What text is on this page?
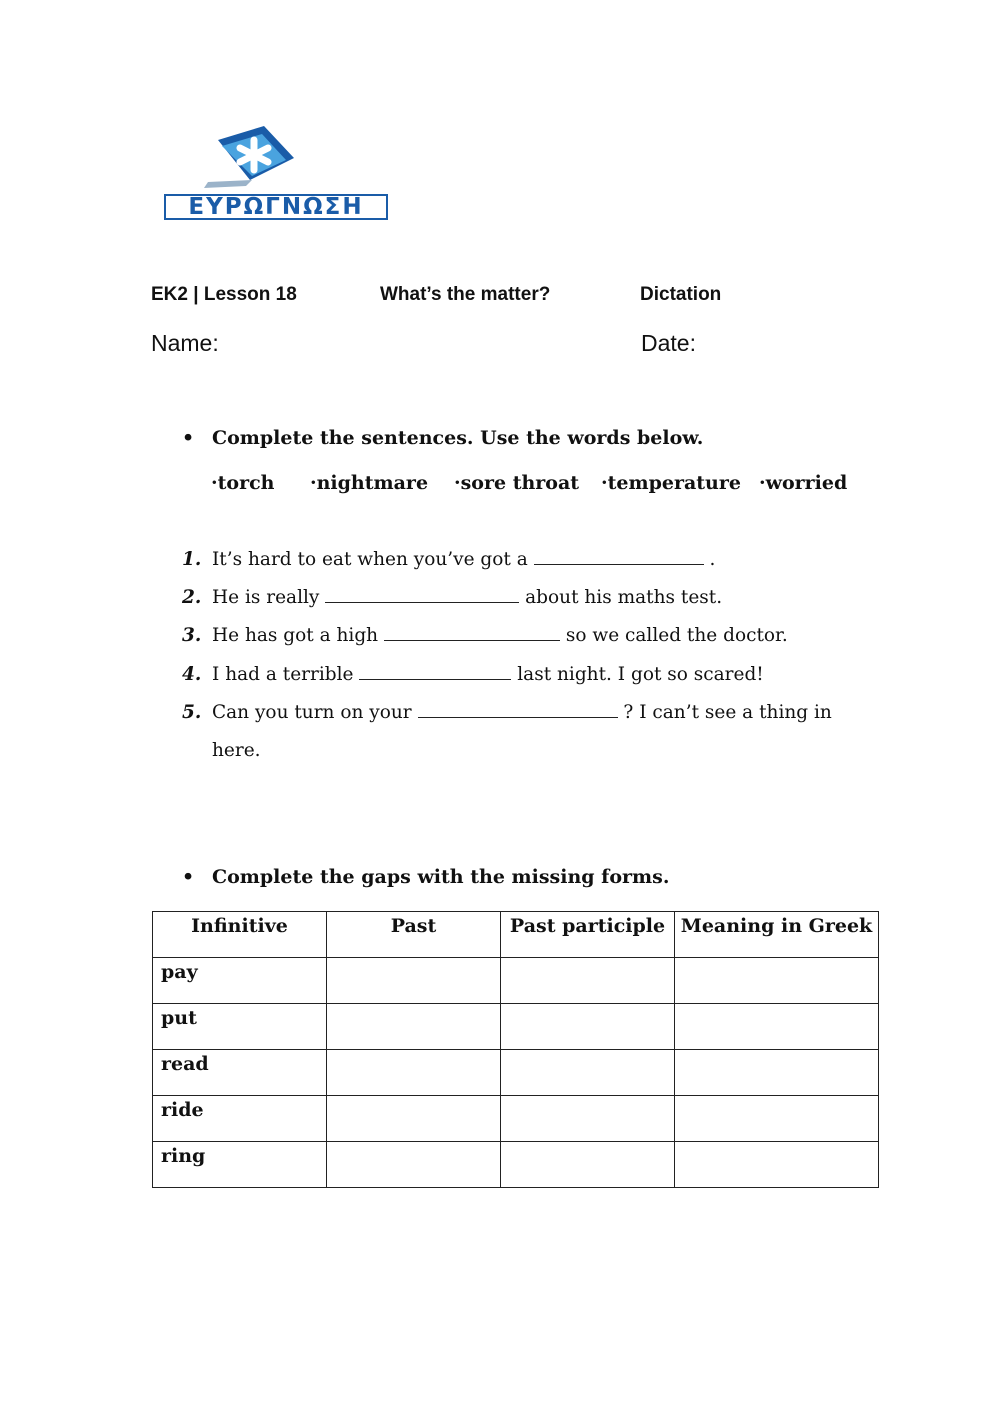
ΕΥΡΩΓΝΩΣΗ
EK2 | Lesson 18	What’s the matter?	Dictation
Name:	Date:
• Complete the sentences. Use the words below.
·torch ·nightmare ·sore throat ·temperature ·worried
1. It’s hard to eat when you’ve got a	.
2. He is really	about his maths test.
3. He has got a high	so we called the doctor.
4. I had a terrible	last night. I got so scared!
5. Can you turn on your	? I can’t see a thing in
here.
• Complete the gaps with the missing forms.
Infinitive	Past	Past participle	Meaning in Greek
pay			
put			
read			
ride			
ring			
